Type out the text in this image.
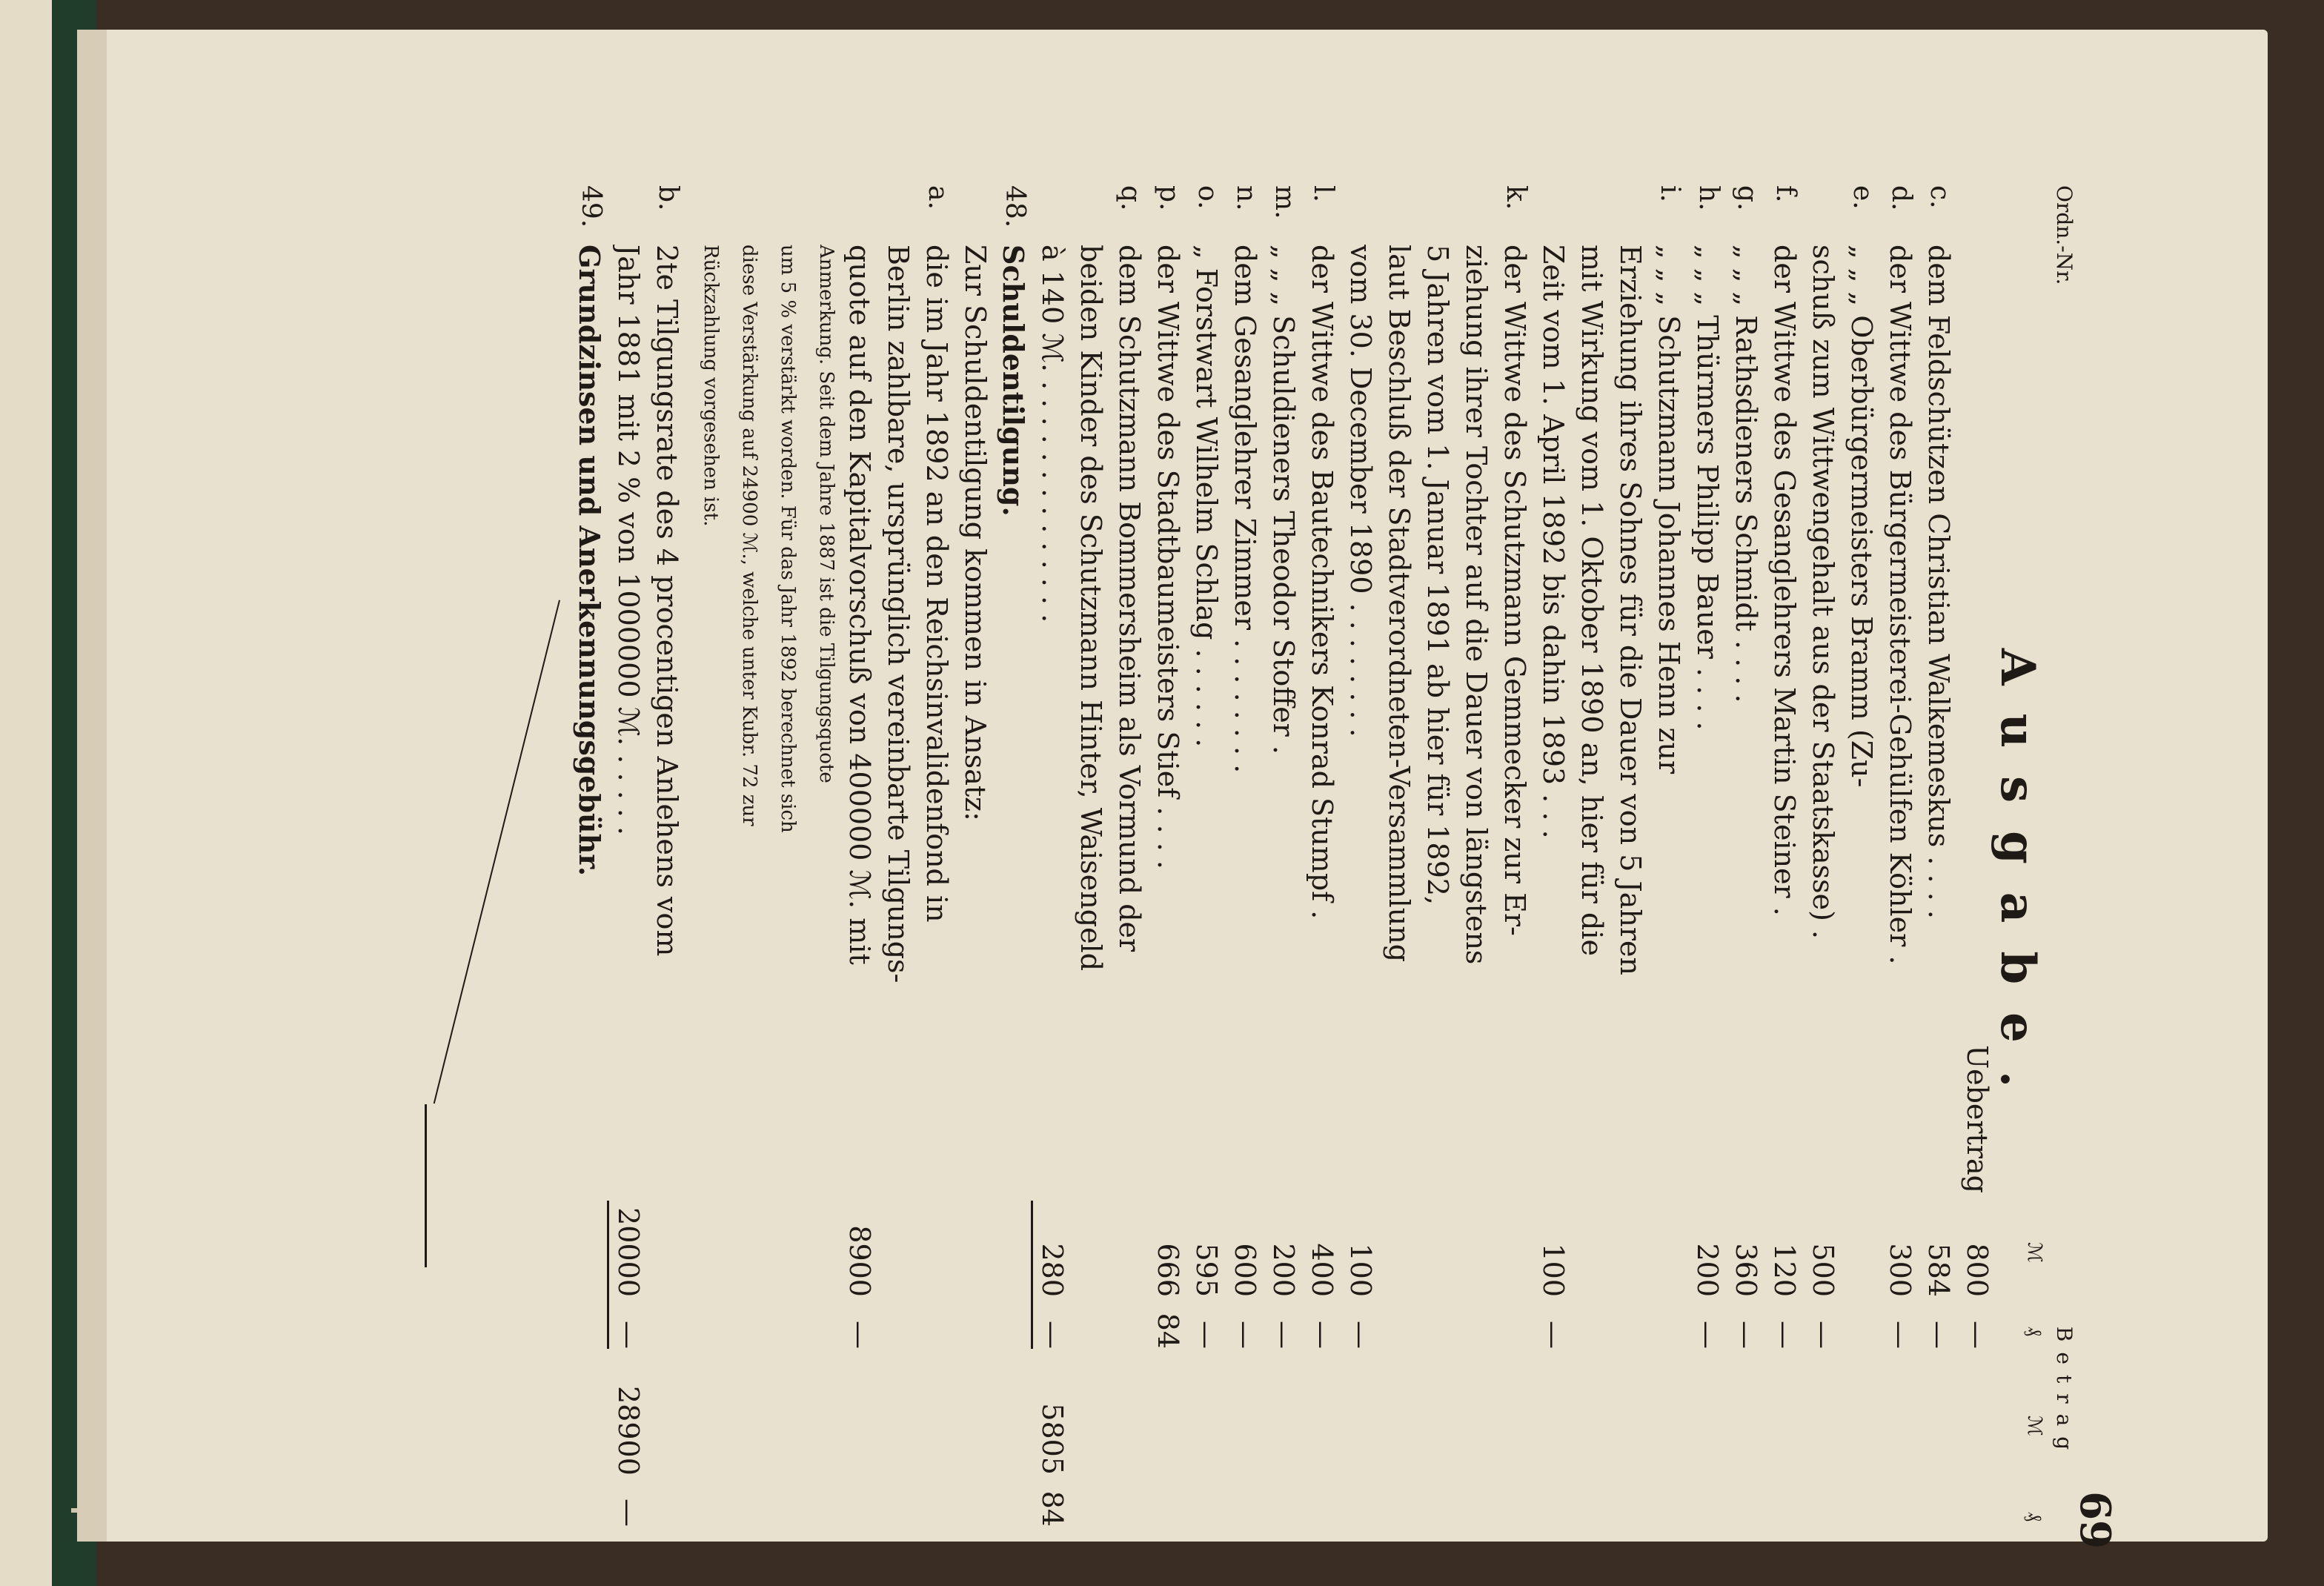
69
Ausgabe.
Ordn.-Nr.
Betrag
ℳ
₰
ℳ
₰
Uebertrag
800
—
c.
dem Feldschützen Christian Walkemeskus . . . .
584
—
d.
der Wittwe des Bürgermeisterei-Gehülfen Köhler .
300
—
e.
„ „ „ Oberbürgermeisters Bramm (Zu-
schuß zum Wittwengehalt aus der Staatskasse) .
500
—
f.
der Wittwe des Gesanglehrers Martin Steiner .
120
—
g.
„ „ „ Rathsdieners Schmidt . . . .
360
—
h.
„ „ „ Thürmers Philipp Bauer . . . .
200
—
i.
„ „ „ Schutzmann Johannes Henn zur
Erziehung ihres Sohnes für die Dauer von 5 Jahren
mit Wirkung vom 1. Oktober 1890 an, hier für die
Zeit vom 1. April 1892 bis dahin 1893 . . .
100
—
k.
der Wittwe des Schutzmann Gemmecker zur Er-
ziehung ihrer Tochter auf die Dauer von längstens
5 Jahren vom 1. Januar 1891 ab hier für 1892,
laut Beschluß der Stadtverordneten-Versammlung
vom 30. December 1890 . . . . . . . .
100
—
l.
der Wittwe des Bautechnikers Konrad Stumpf .
400
—
m.
„ „ „ Schuldieners Theodor Stoffer .
200
—
n.
dem Gesanglehrer Zimmer . . . . . . . .
600
—
o.
„ Forstwart Wilhelm Schlag . . . . . .
595
—
p.
der Wittwe des Stadtbaumeisters Stief . . . .
666
84
q.
dem Schutzmann Bommersheim als Vormund der
beiden Kinder des Schutzmann Hinter, Waisengeld
à 140 ℳ. . . . . . . . . . . . . . .
280
—
5805
84
48.
Schuldentilgung.
Zur Schuldentilgung kommen in Ansatz:
a.
die im Jahr 1892 an den Reichsinvalidenfond in
Berlin zahlbare, ursprünglich vereinbarte Tilgungs-
quote auf den Kapitalvorschuß von 400000 ℳ. mit
8900
—
Anmerkung. Seit dem Jahre 1887 ist die Tilgungsquote
um 5 % verstärkt worden. Für das Jahr 1892 berechnet sich
diese Verstärkung auf 24900 ℳ., welche unter Kubr. 72 zur
Rückzahlung vorgesehen ist.
b.
2te Tilgungsrate des 4 procentigen Anlehens vom
Jahr 1881 mit 2 % von 1000000 ℳ. . . . . .
20000
—
28900
—
49.
Grundzinsen und Anerkennungsgebühr.
